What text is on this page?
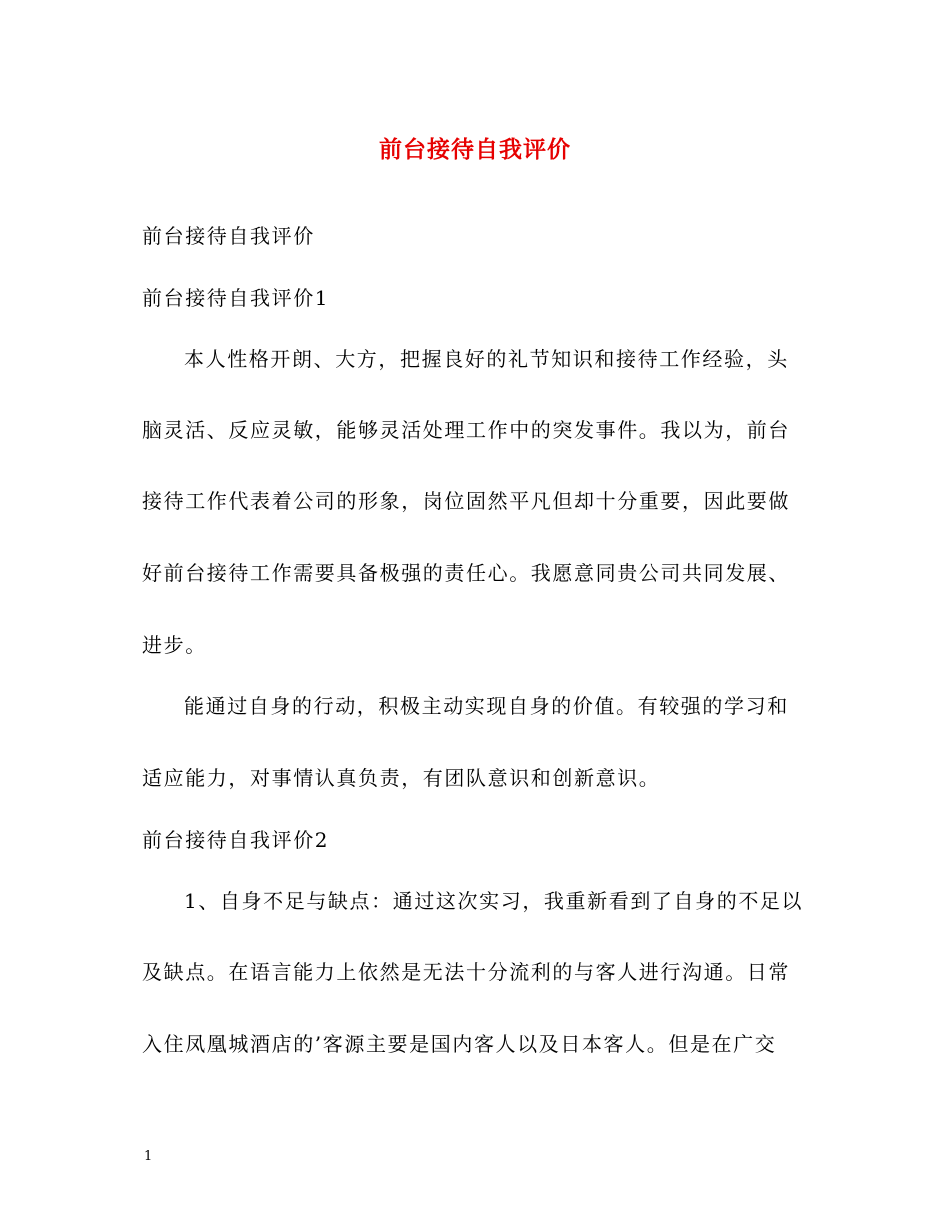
前台接待自我评价
前台接待自我评价
前台接待自我评价1
本人性格开朗、大方，把握良好的礼节知识和接待工作经验，头
脑灵活、反应灵敏，能够灵活处理工作中的突发事件。我以为，前台
接待工作代表着公司的形象，岗位固然平凡但却十分重要，因此要做
好前台接待工作需要具备极强的责任心。我愿意同贵公司共同发展、
进步。
能通过自身的行动，积极主动实现自身的价值。有较强的学习和
适应能力，对事情认真负责，有团队意识和创新意识。
前台接待自我评价2
1、自身不足与缺点：通过这次实习，我重新看到了自身的不足以
及缺点。在语言能力上依然是无法十分流利的与客人进行沟通。日常
入住凤凰城酒店的’客源主要是国内客人以及日本客人。但是在广交
1
